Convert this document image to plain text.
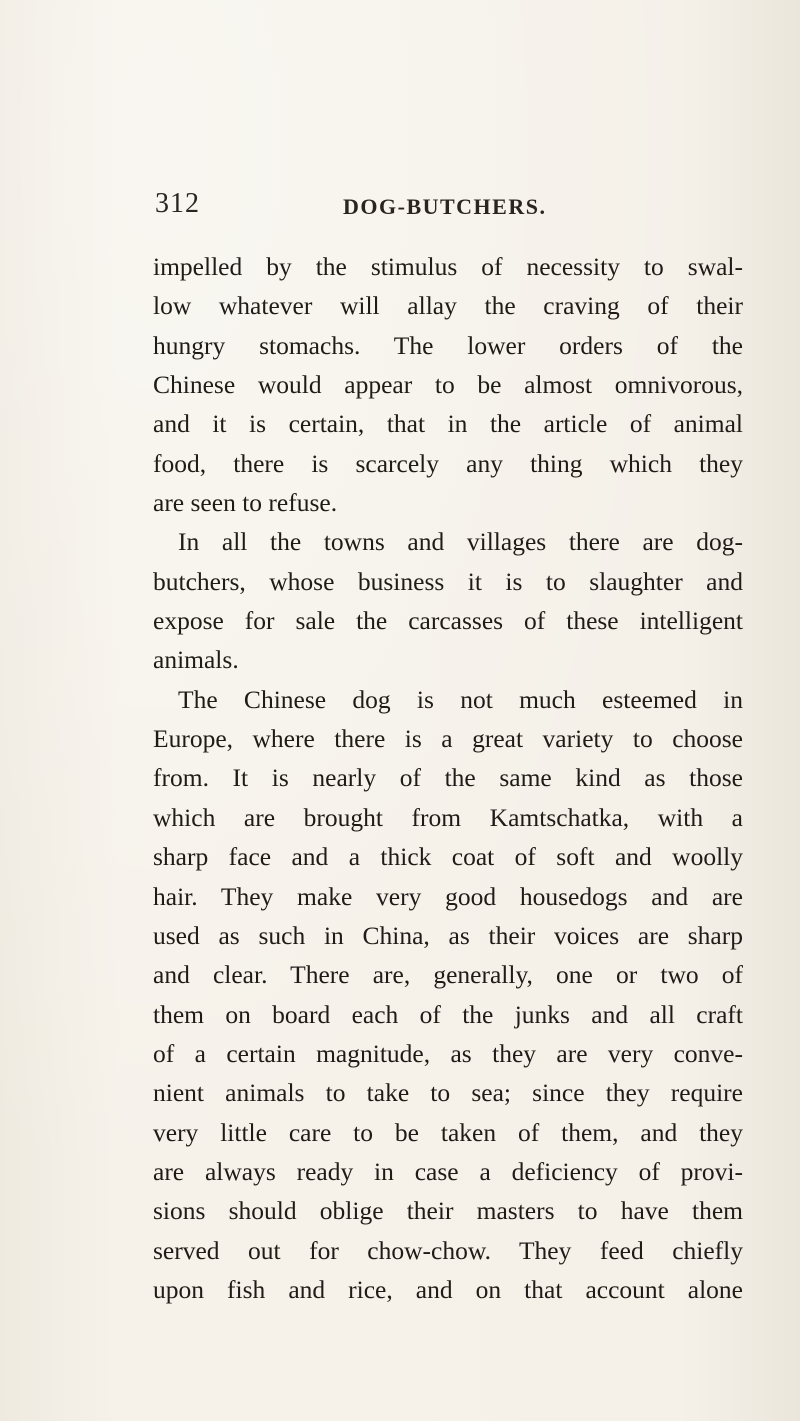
312	DOG-BUTCHERS.
impelled by the stimulus of necessity to swal-
low whatever will allay the craving of their
hungry stomachs. The lower orders of the
Chinese would appear to be almost omnivorous,
and it is certain, that in the article of animal
food, there is scarcely any thing which they
are seen to refuse.
In all the towns and villages there are dog-
butchers, whose business it is to slaughter and
expose for sale the carcasses of these intelligent
animals.
The Chinese dog is not much esteemed in
Europe, where there is a great variety to choose
from. It is nearly of the same kind as those
which are brought from Kamtschatka, with a
sharp face and a thick coat of soft and woolly
hair. They make very good housedogs and are
used as such in China, as their voices are sharp
and clear. There are, generally, one or two of
them on board each of the junks and all craft
of a certain magnitude, as they are very conve-
nient animals to take to sea; since they require
very little care to be taken of them, and they
are always ready in case a deficiency of provi-
sions should oblige their masters to have them
served out for chow-chow. They feed chiefly
upon fish and rice, and on that account alone
